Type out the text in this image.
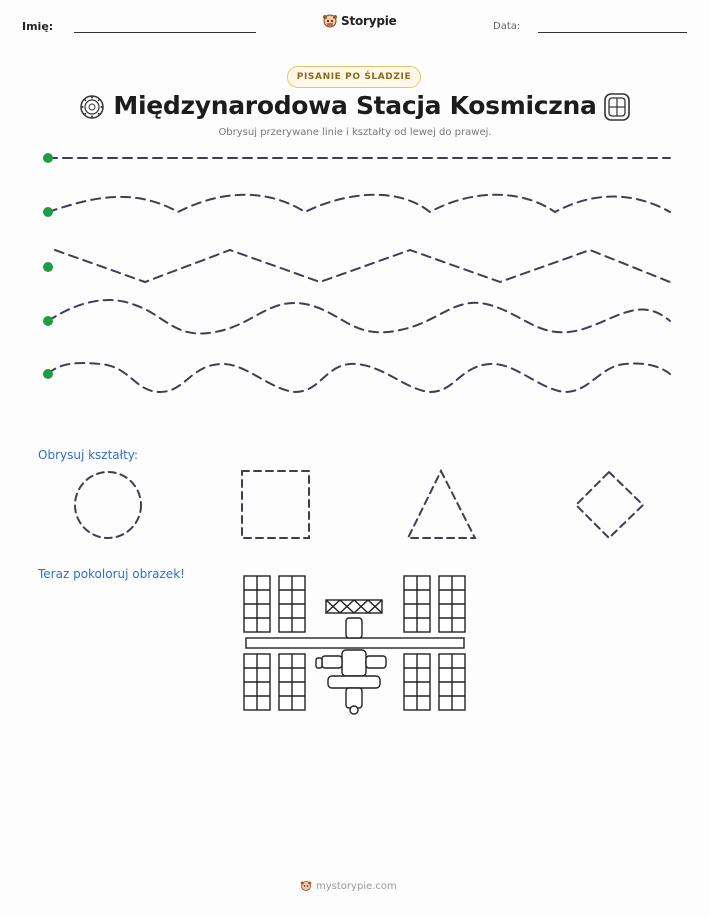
Imię:	Storypie	Data:
PISANIE PO ŚLADZIE
Międzynarodowa Stacja Kosmiczna
Obrysuj przerywane linie i kształty od lewej do prawej.
Obrysuj kształty:
Teraz pokoloruj obrazek!
mystorypie.com
